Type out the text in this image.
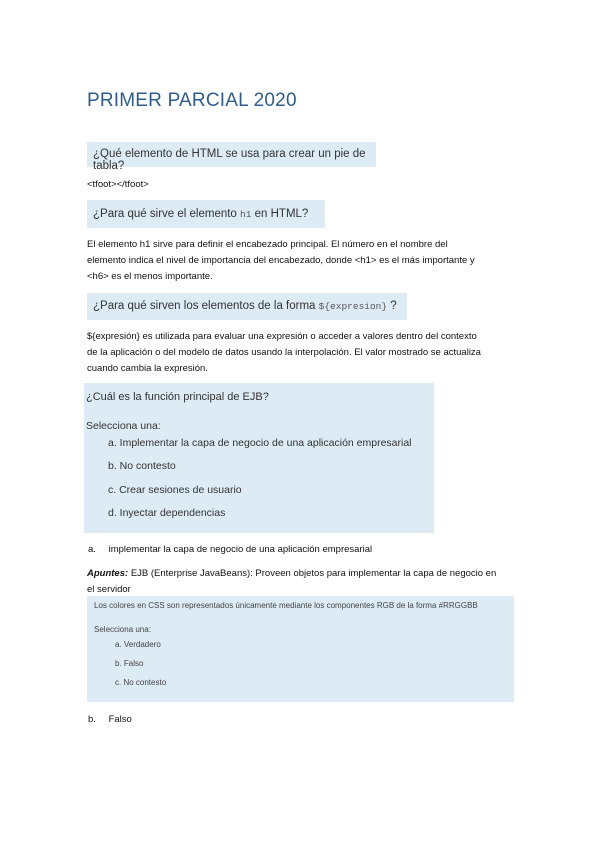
PRIMER PARCIAL 2020
¿Qué elemento de HTML se usa para crear un pie de tabla?
<tfoot></tfoot>
¿Para qué sirve el elemento h1 en HTML?
El elemento h1 sirve para definir el encabezado principal. El número en el nombre del
elemento indica el nivel de importancia del encabezado, donde <h1> es el más importante y
<h6> es el menos importante.
¿Para qué sirven los elementos de la forma ${expresion} ?
${expresión} es utilizada para evaluar una expresión o acceder a valores dentro del contexto
de la aplicación o del modelo de datos usando la interpolación. El valor mostrado se actualiza
cuando cambia la expresión.
¿Cuál es la función principal de EJB?
Selecciona una:
a. Implementar la capa de negocio de una aplicación empresarial
b. No contesto
c. Crear sesiones de usuario
d. Inyectar dependencias
a. implementar la capa de negocio de una aplicación empresarial
Apuntes: EJB (Enterprise JavaBeans): Proveen objetos para implementar la capa de negocio en
el servidor
Los colores en CSS son representados únicamente mediante los componentes RGB de la forma #RRGGBB
Selecciona una:
a. Verdadero
b. Falso
c. No contesto
b. Falso
